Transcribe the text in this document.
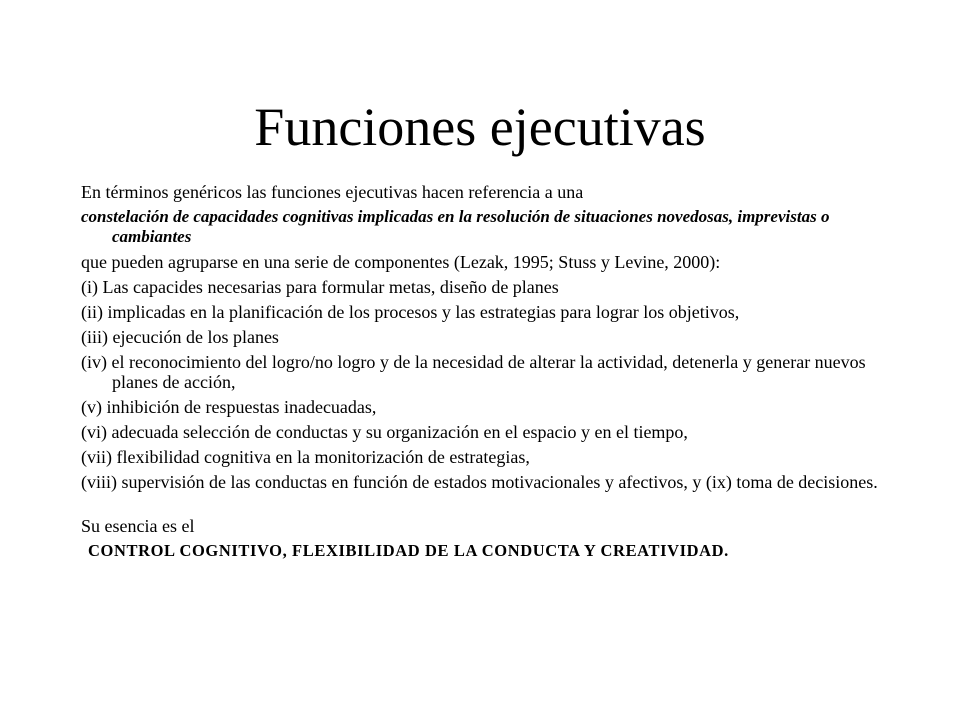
Funciones ejecutivas

En términos genéricos las funciones ejecutivas hacen referencia a una

constelación de capacidades cognitivas implicadas en la resolución de situaciones novedosas, imprevistas o cambiantes

que pueden agruparse en una serie de componentes (Lezak, 1995; Stuss y Levine, 2000):

(i) Las capacides necesarias para formular metas, diseño de planes

(ii) implicadas en la planificación de los procesos y las estrategias para lograr los objetivos,

(iii) ejecución de los planes

(iv) el reconocimiento del logro/no logro y de la necesidad de alterar la actividad, detenerla y generar nuevos planes de acción,

(v) inhibición de respuestas inadecuadas,

(vi) adecuada selección de conductas y su organización en el espacio y en el tiempo,

(vii) flexibilidad cognitiva en la monitorización de estrategias,

(viii) supervisión de las conductas en función de estados motivacionales y afectivos, y (ix) toma de decisiones.

Su esencia es el

CONTROL COGNITIVO, FLEXIBILIDAD DE LA CONDUCTA Y CREATIVIDAD.
